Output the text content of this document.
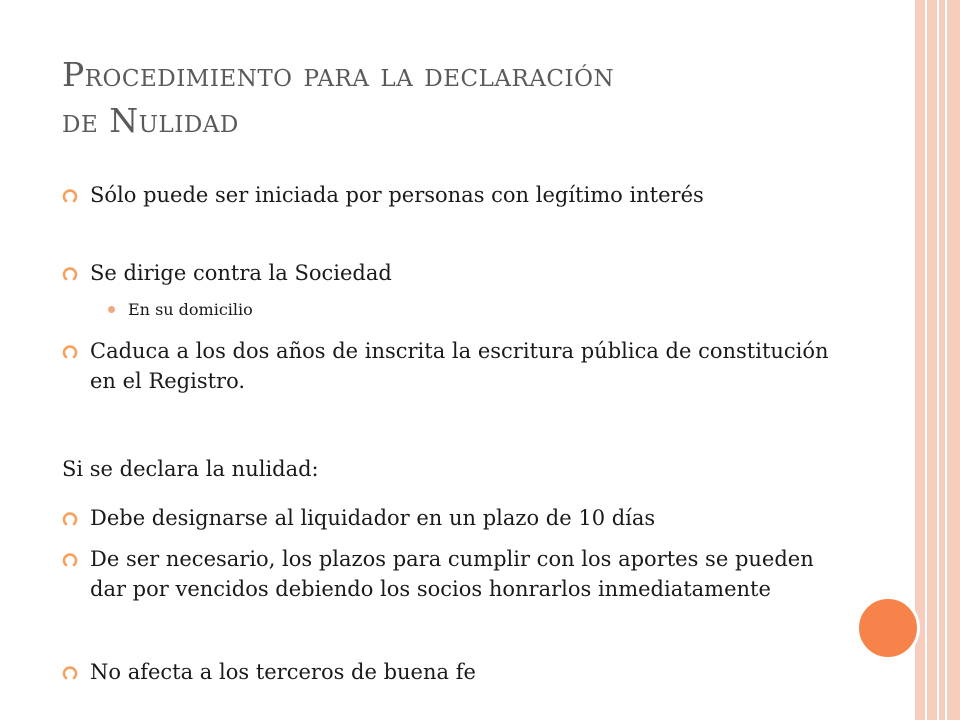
Procedimiento para la declaración
de Nulidad
Sólo puede ser iniciada por personas con legítimo interés
Se dirige contra la Sociedad
En su domicilio
Caduca a los dos años de inscrita la escritura pública de constitución en el Registro.
Si se declara la nulidad:
Debe designarse al liquidador en un plazo de 10 días
De ser necesario, los plazos para cumplir con los aportes se pueden dar por vencidos debiendo los socios honrarlos inmediatamente
No afecta a los terceros de buena fe
